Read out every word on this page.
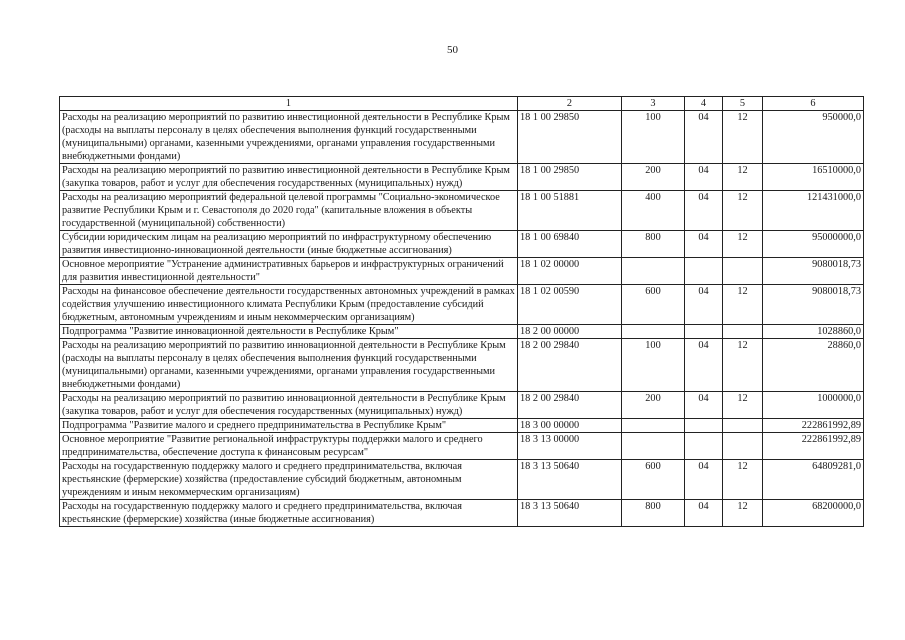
50
1	2	3	4	5	6
Расходы на реализацию мероприятий по развитию инвестиционной деятельности в Республике Крым (расходы на выплаты персоналу в целях обеспечения выполнения функций государственными (муниципальными) органами, казенными учреждениями, органами управления государственными внебюджетными фондами)	18 1 00 29850	100	04	12	950000,0
Расходы на реализацию мероприятий по развитию инвестиционной деятельности в Республике Крым (закупка товаров, работ и услуг для обеспечения государственных (муниципальных) нужд)	18 1 00 29850	200	04	12	16510000,0
Расходы на реализацию мероприятий федеральной целевой программы "Социально-экономическое развитие Республики Крым и г. Севастополя до 2020 года" (капитальные вложения в объекты государственной (муниципальной) собственности)	18 1 00 51881	400	04	12	121431000,0
Субсидии юридическим лицам на реализацию мероприятий по инфраструктурному обеспечению развития инвестиционно-инновационной деятельности (иные бюджетные ассигнования)	18 1 00 69840	800	04	12	95000000,0
Основное мероприятие "Устранение административных барьеров и инфраструктурных ограничений для развития инвестиционной деятельности"	18 1 02 00000				9080018,73
Расходы на финансовое обеспечение деятельности государственных автономных учреждений в рамках содействия улучшению инвестиционного климата Республики Крым (предоставление субсидий бюджетным, автономным учреждениям и иным некоммерческим организациям)	18 1 02 00590	600	04	12	9080018,73
Подпрограмма "Развитие инновационной деятельности в Республике Крым"	18 2 00 00000				1028860,0
Расходы на реализацию мероприятий по развитию инновационной деятельности в Республике Крым (расходы на выплаты персоналу в целях обеспечения выполнения функций государственными (муниципальными) органами, казенными учреждениями, органами управления государственными внебюджетными фондами)	18 2 00 29840	100	04	12	28860,0
Расходы на реализацию мероприятий по развитию инновационной деятельности в Республике Крым (закупка товаров, работ и услуг для обеспечения государственных (муниципальных) нужд)	18 2 00 29840	200	04	12	1000000,0
Подпрограмма "Развитие малого и среднего предпринимательства в Республике Крым"	18 3 00 00000				222861992,89
Основное мероприятие "Развитие региональной инфраструктуры поддержки малого и среднего предпринимательства, обеспечение доступа к финансовым ресурсам"	18 3 13 00000				222861992,89
Расходы на государственную поддержку малого и среднего предпринимательства, включая крестьянские (фермерские) хозяйства (предоставление субсидий бюджетным, автономным учреждениям и иным некоммерческим организациям)	18 3 13 50640	600	04	12	64809281,0
Расходы на государственную поддержку малого и среднего предпринимательства, включая крестьянские (фермерские) хозяйства (иные бюджетные ассигнования)	18 3 13 50640	800	04	12	68200000,0
